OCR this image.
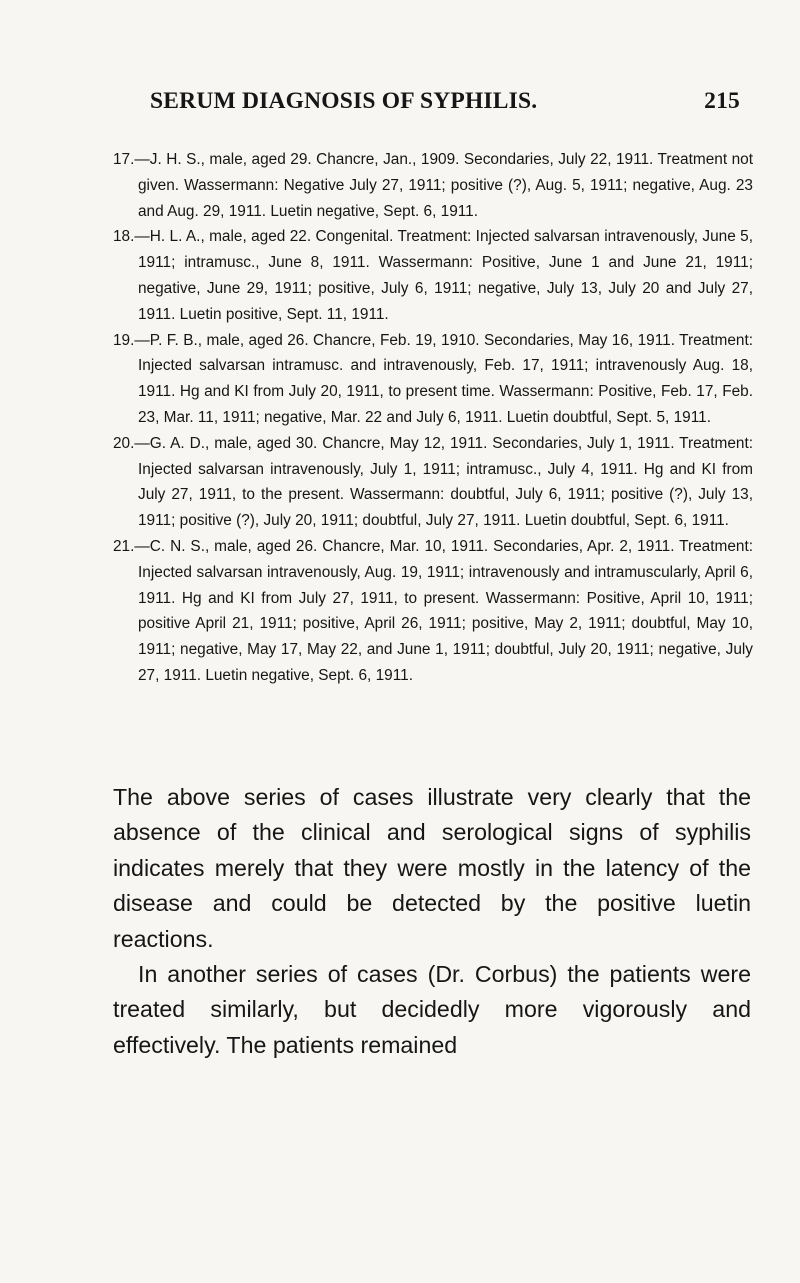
SERUM DIAGNOSIS OF SYPHILIS.	215

17.—J. H. S., male, aged 29. Chancre, Jan., 1909. Secondaries, July 22, 1911. Treatment not given. Wassermann: Negative July 27, 1911; positive (?), Aug. 5, 1911; negative, Aug. 23 and Aug. 29, 1911. Luetin negative, Sept. 6, 1911.

18.—H. L. A., male, aged 22. Congenital. Treatment: Injected salvarsan intravenously, June 5, 1911; intramusc., June 8, 1911. Wassermann: Positive, June 1 and June 21, 1911; negative, June 29, 1911; positive, July 6, 1911; negative, July 13, July 20 and July 27, 1911. Luetin positive, Sept. 11, 1911.

19.—P. F. B., male, aged 26. Chancre, Feb. 19, 1910. Secondaries, May 16, 1911. Treatment: Injected salvarsan intramusc. and intravenously, Feb. 17, 1911; intravenously Aug. 18, 1911. Hg and KI from July 20, 1911, to present time. Wassermann: Positive, Feb. 17, Feb. 23, Mar. 11, 1911; negative, Mar. 22 and July 6, 1911. Luetin doubtful, Sept. 5, 1911.

20.—G. A. D., male, aged 30. Chancre, May 12, 1911. Secondaries, July 1, 1911. Treatment: Injected salvarsan intravenously, July 1, 1911; intramusc., July 4, 1911. Hg and KI from July 27, 1911, to the present. Wassermann: doubtful, July 6, 1911; positive (?), July 13, 1911; positive (?), July 20, 1911; doubtful, July 27, 1911. Luetin doubtful, Sept. 6, 1911.

21.—C. N. S., male, aged 26. Chancre, Mar. 10, 1911. Secondaries, Apr. 2, 1911. Treatment: Injected salvarsan intravenously, Aug. 19, 1911; intravenously and intramuscularly, April 6, 1911. Hg and KI from July 27, 1911, to present. Wassermann: Positive, April 10, 1911; positive April 21, 1911; positive, April 26, 1911; positive, May 2, 1911; doubtful, May 10, 1911; negative, May 17, May 22, and June 1, 1911; doubtful, July 20, 1911; negative, July 27, 1911. Luetin negative, Sept. 6, 1911.

The above series of cases illustrate very clearly that the absence of the clinical and serological signs of syphilis indicates merely that they were mostly in the latency of the disease and could be detected by the positive luetin reactions.

In another series of cases (Dr. Corbus) the patients were treated similarly, but decidedly more vigorously and effectively. The patients remained
